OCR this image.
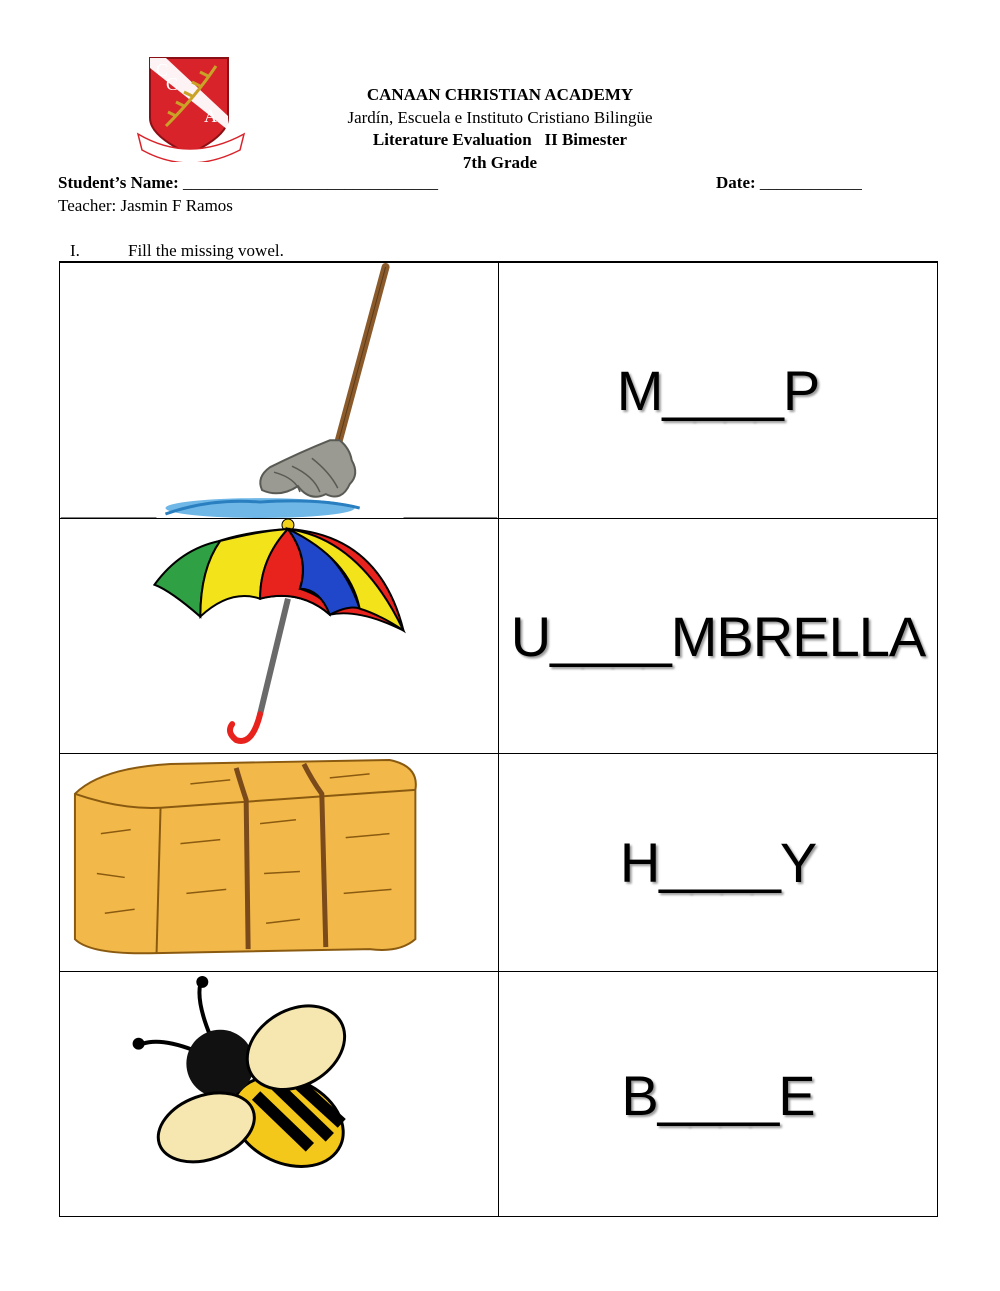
C
C
A
CANAAN CHRISTIAN ACADEMY
Jardín, Escuela e Instituto Cristiano Bilingüe
Literature Evaluation   II Bimester
7th Grade
Student’s Name: ______________________________	Date: ____________
Teacher: Jasmin F Ramos
I.	Fill the missing vowel.
M____P
U____MBRELLA
H____Y
B____E
